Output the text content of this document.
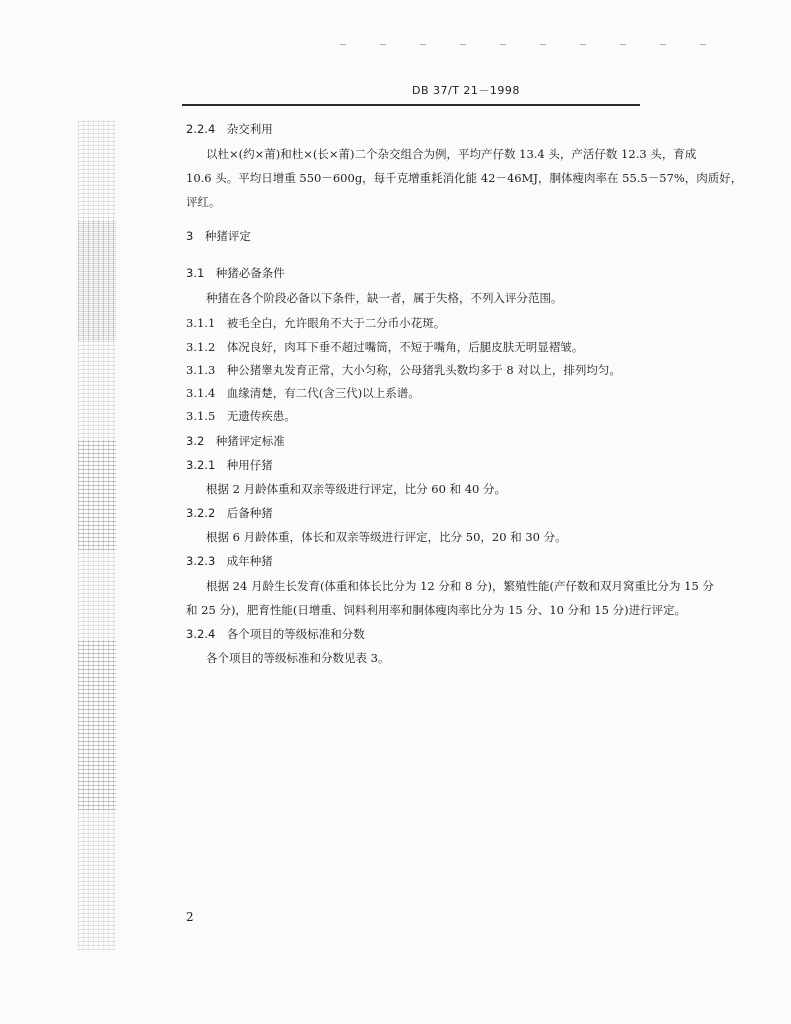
DB 37/T 21－1998
2.2.4　杂交利用
以杜×(约×莆)和杜×(长×莆)二个杂交组合为例，平均产仔数 13.4 头，产活仔数 12.3 头，育成
10.6 头。平均日增重 550－600g，每千克增重耗消化能 42－46MJ，胴体瘦肉率在 55.5－57%，肉质好，
评红。
3　种猪评定
3.1　种猪必备条件
种猪在各个阶段必备以下条件，缺一者，属于失格，不列入评分范围。
3.1.1　被毛全白，允许眼角不大于二分币小花斑。
3.1.2　体况良好，肉耳下垂不超过嘴筒，不短于嘴角，后腿皮肤无明显褶皱。
3.1.3　种公猪睾丸发育正常，大小匀称，公母猪乳头数均多于 8 对以上，排列均匀。
3.1.4　血缘清楚，有二代(含三代)以上系谱。
3.1.5　无遗传疾患。
3.2　种猪评定标准
3.2.1　种用仔猪
根据 2 月龄体重和双亲等级进行评定，比分 60 和 40 分。
3.2.2　后备种猪
根据 6 月龄体重，体长和双亲等级进行评定，比分 50，20 和 30 分。
3.2.3　成年种猪
根据 24 月龄生长发育(体重和体长比分为 12 分和 8 分)，繁殖性能(产仔数和双月窝重比分为 15 分
和 25 分)，肥育性能(日增重、饲料利用率和胴体瘦肉率比分为 15 分、10 分和 15 分)进行评定。
3.2.4　各个项目的等级标准和分数
各个项目的等级标准和分数见表 3。
2
